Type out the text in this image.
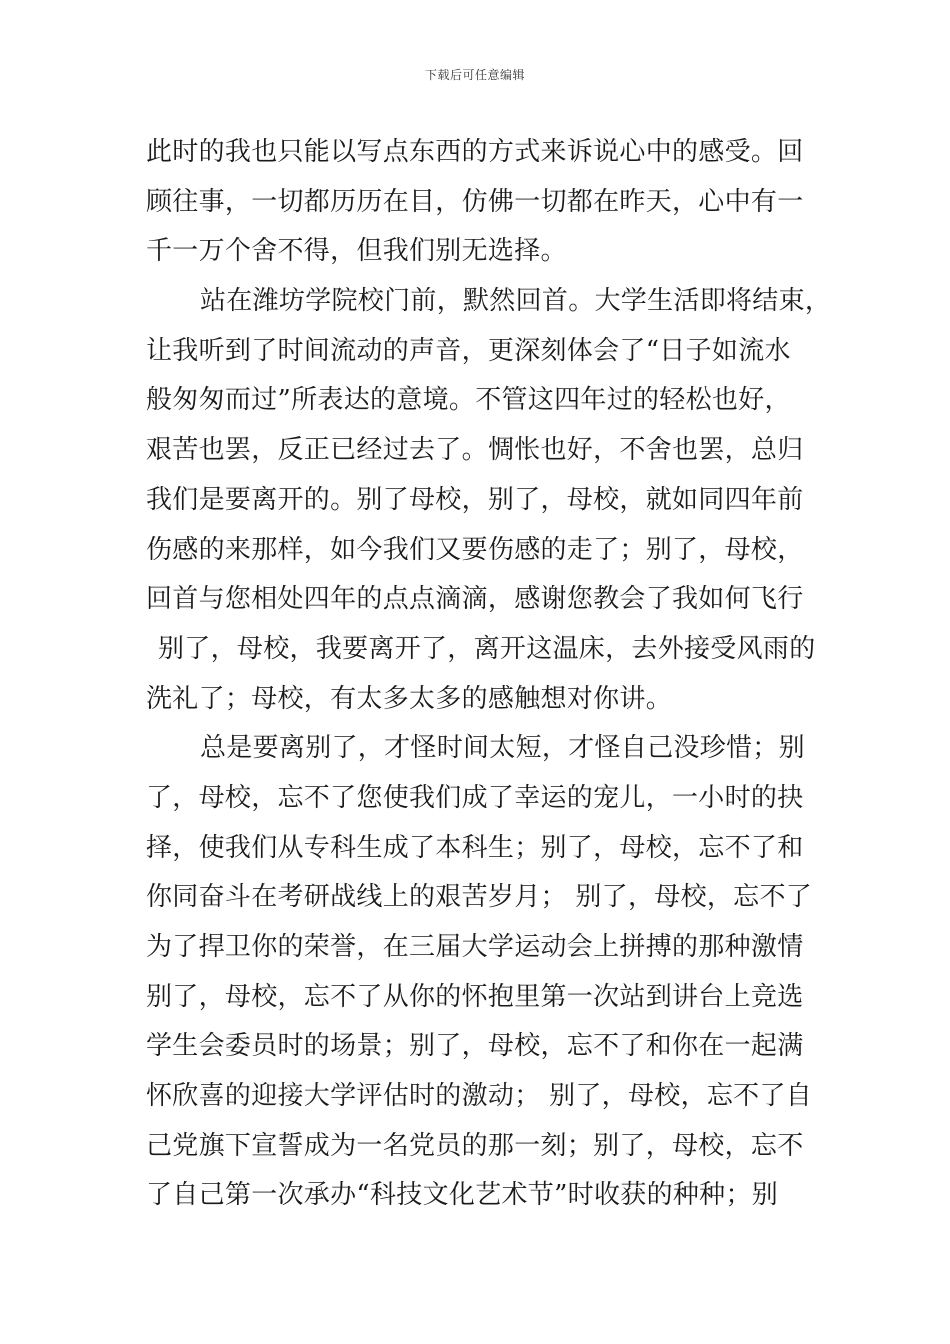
下载后可任意编辑
此时的我也只能以写点东西的方式来诉说心中的感受。回
顾往事，一切都历历在目，仿佛一切都在昨天，心中有一
千一万个舍不得，但我们别无选择。
站在潍坊学院校门前，默然回首。大学生活即将结束，
让我听到了时间流动的声音，更深刻体会了“日子如流水
般匆匆而过”所表达的意境。不管这四年过的轻松也好，
艰苦也罢，反正已经过去了。惆怅也好，不舍也罢，总归
我们是要离开的。别了母校，别了，母校，就如同四年前
伤感的来那样，如今我们又要伤感的走了；别了，母校，
回首与您相处四年的点点滴滴，感谢您教会了我如何飞行
别了，母校，我要离开了，离开这温床，去外接受风雨的
洗礼了；母校，有太多太多的感触想对你讲。
总是要离别了，才怪时间太短，才怪自己没珍惜；别
了，母校，忘不了您使我们成了幸运的宠儿，一小时的抉
择，使我们从专科生成了本科生；别了，母校，忘不了和
你同奋斗在考研战线上的艰苦岁月； 别了，母校，忘不了
为了捍卫你的荣誉，在三届大学运动会上拼搏的那种激情
别了，母校，忘不了从你的怀抱里第一次站到讲台上竞选
学生会委员时的场景；别了，母校，忘不了和你在一起满
怀欣喜的迎接大学评估时的激动； 别了，母校，忘不了自
己党旗下宣誓成为一名党员的那一刻；别了，母校，忘不
了自己第一次承办“科技文化艺术节”时收获的种种；别
